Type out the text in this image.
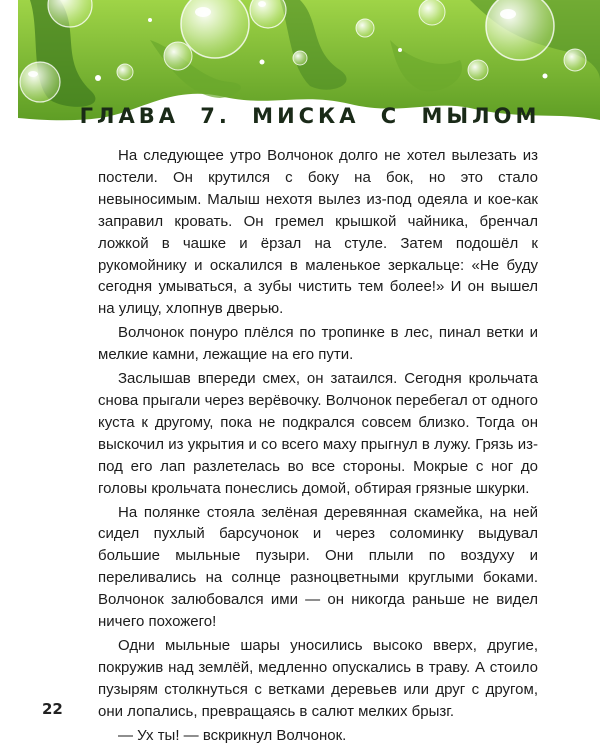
ГЛАВА 7. МИСКА С МЫЛОМ

На следующее утро Волчонок долго не хотел вылезать из постели. Он крутился с боку на бок, но это стало невыносимым. Малыш нехотя вылез из-под одеяла и кое-как заправил кровать. Он гремел крышкой чайника, бренчал ложкой в чашке и ёрзал на стуле. Затем подошёл к рукомойнику и оскалился в маленькое зеркальце: «Не буду сегодня умываться, а зубы чистить тем более!» И он вышел на улицу, хлопнув дверью.

Волчонок понуро плёлся по тропинке в лес, пинал ветки и мелкие камни, лежащие на его пути.

Заслышав впереди смех, он затаился. Сегодня крольчата снова прыгали через верёвочку. Волчонок перебегал от одного куста к другому, пока не подкрался совсем близко. Тогда он выскочил из укрытия и со всего маху прыгнул в лужу. Грязь из-под его лап разлетелась во все стороны. Мокрые с ног до головы крольчата понеслись домой, обтирая грязные шкурки.

На полянке стояла зелёная деревянная скамейка, на ней сидел пухлый барсучонок и через соломинку выдувал большие мыльные пузыри. Они плыли по воздуху и переливались на солнце разноцветными круглыми боками. Волчонок залюбовался ими — он никогда раньше не видел ничего похожего!

Одни мыльные шары уносились высоко вверх, другие, покружив над землёй, медленно опускались в траву. А стоило пузырям столкнуться с ветками деревьев или друг с другом, они лопались, превращаясь в салют мелких брызг.

— Ух ты! — вскрикнул Волчонок.

22
